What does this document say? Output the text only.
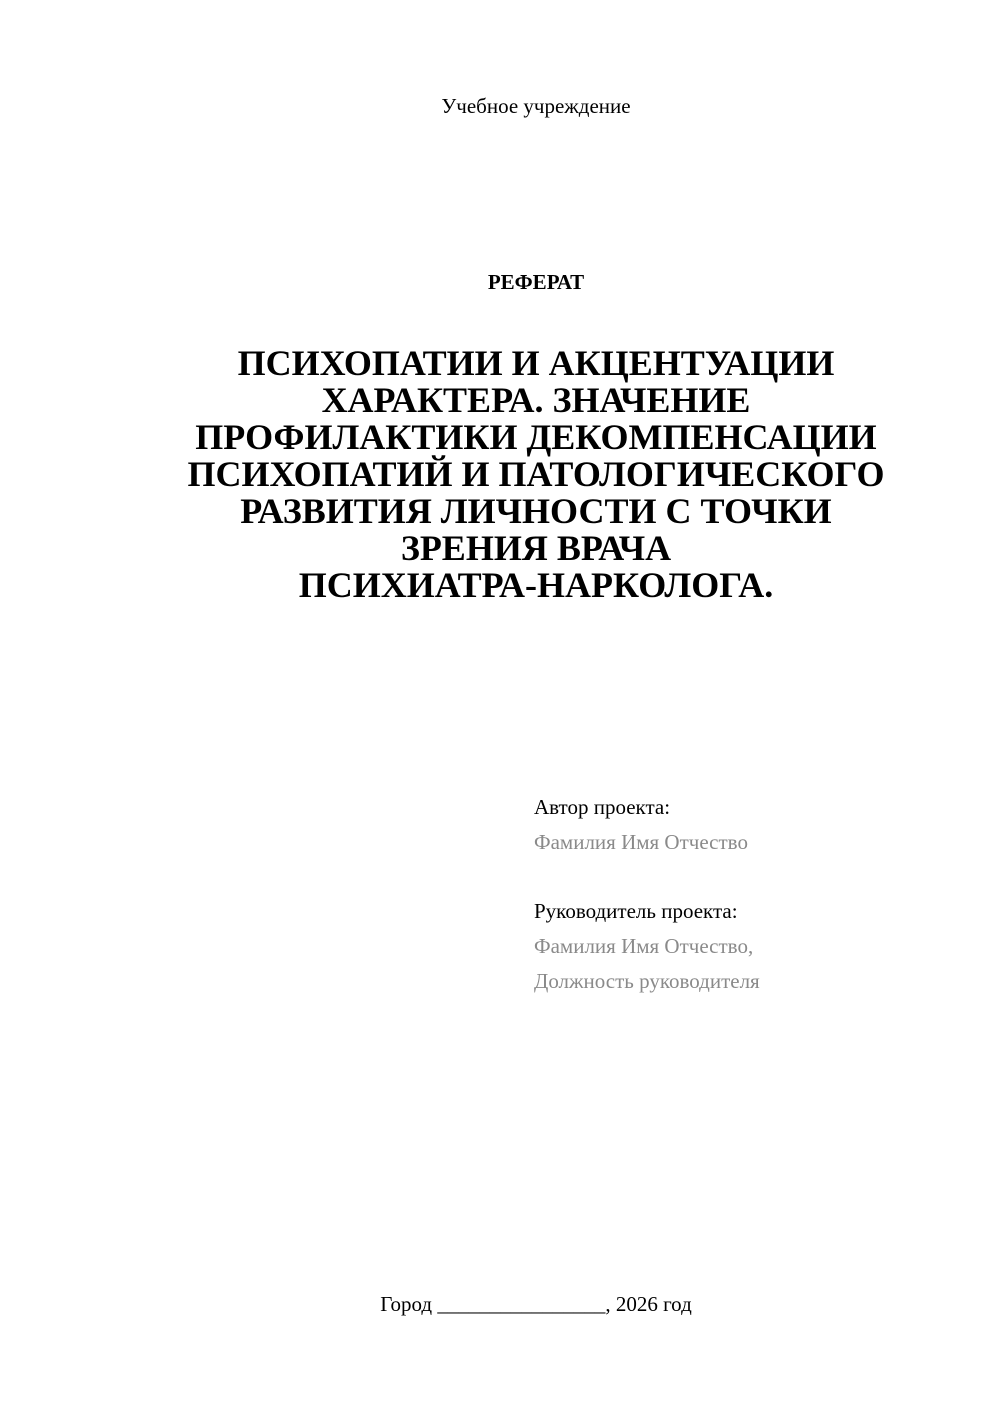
Учебное учреждение
РЕФЕРАТ
ПСИХОПАТИИ И АКЦЕНТУАЦИИ
ХАРАКТЕРА. ЗНАЧЕНИЕ
ПРОФИЛАКТИКИ ДЕКОМПЕНСАЦИИ
ПСИХОПАТИЙ И ПАТОЛОГИЧЕСКОГО
РАЗВИТИЯ ЛИЧНОСТИ С ТОЧКИ
ЗРЕНИЯ ВРАЧА
ПСИХИАТРА-НАРКОЛОГА.
Автор проекта:
Фамилия Имя Отчество
Руководитель проекта:
Фамилия Имя Отчество,
Должность руководителя
Город ________________, 2026 год
